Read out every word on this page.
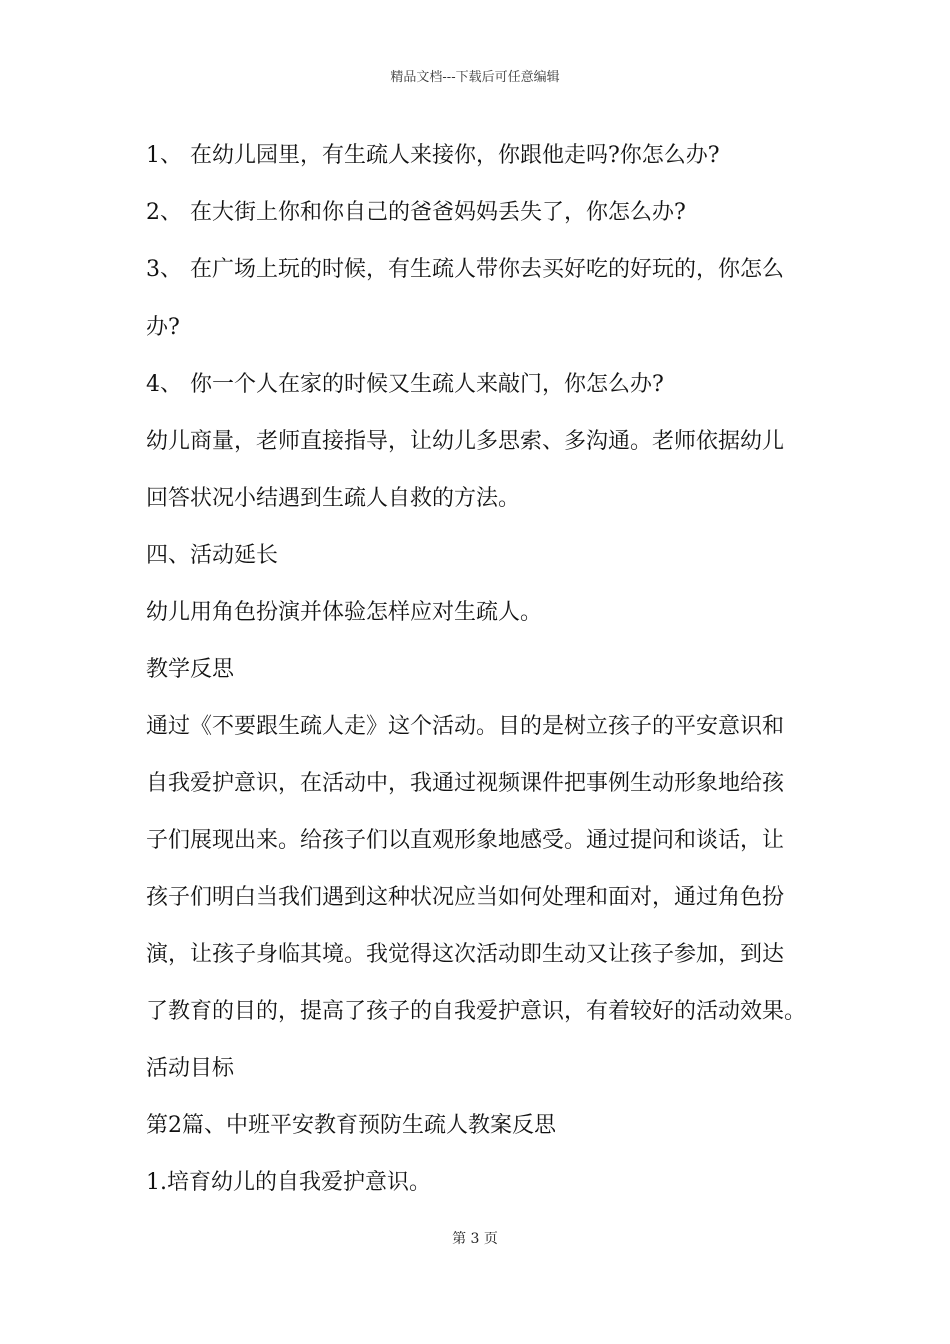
精品文档---下载后可任意编辑
1、 在幼儿园里，有生疏人来接你，你跟他走吗?你怎么办?
2、 在大街上你和你自己的爸爸妈妈丢失了，你怎么办?
3、 在广场上玩的时候，有生疏人带你去买好吃的好玩的，你怎么
办?
4、 你一个人在家的时候又生疏人来敲门，你怎么办?
幼儿商量，老师直接指导，让幼儿多思索、多沟通。老师依据幼儿
回答状况小结遇到生疏人自救的方法。
四、活动延长
幼儿用角色扮演并体验怎样应对生疏人。
教学反思
通过《不要跟生疏人走》这个活动。目的是树立孩子的平安意识和
自我爱护意识，在活动中，我通过视频课件把事例生动形象地给孩
子们展现出来。给孩子们以直观形象地感受。通过提问和谈话，让
孩子们明白当我们遇到这种状况应当如何处理和面对，通过角色扮
演，让孩子身临其境。我觉得这次活动即生动又让孩子参加，到达
了教育的目的，提高了孩子的自我爱护意识，有着较好的活动效果。
活动目标
第2篇、中班平安教育预防生疏人教案反思
1.培育幼儿的自我爱护意识。
第 3 页
